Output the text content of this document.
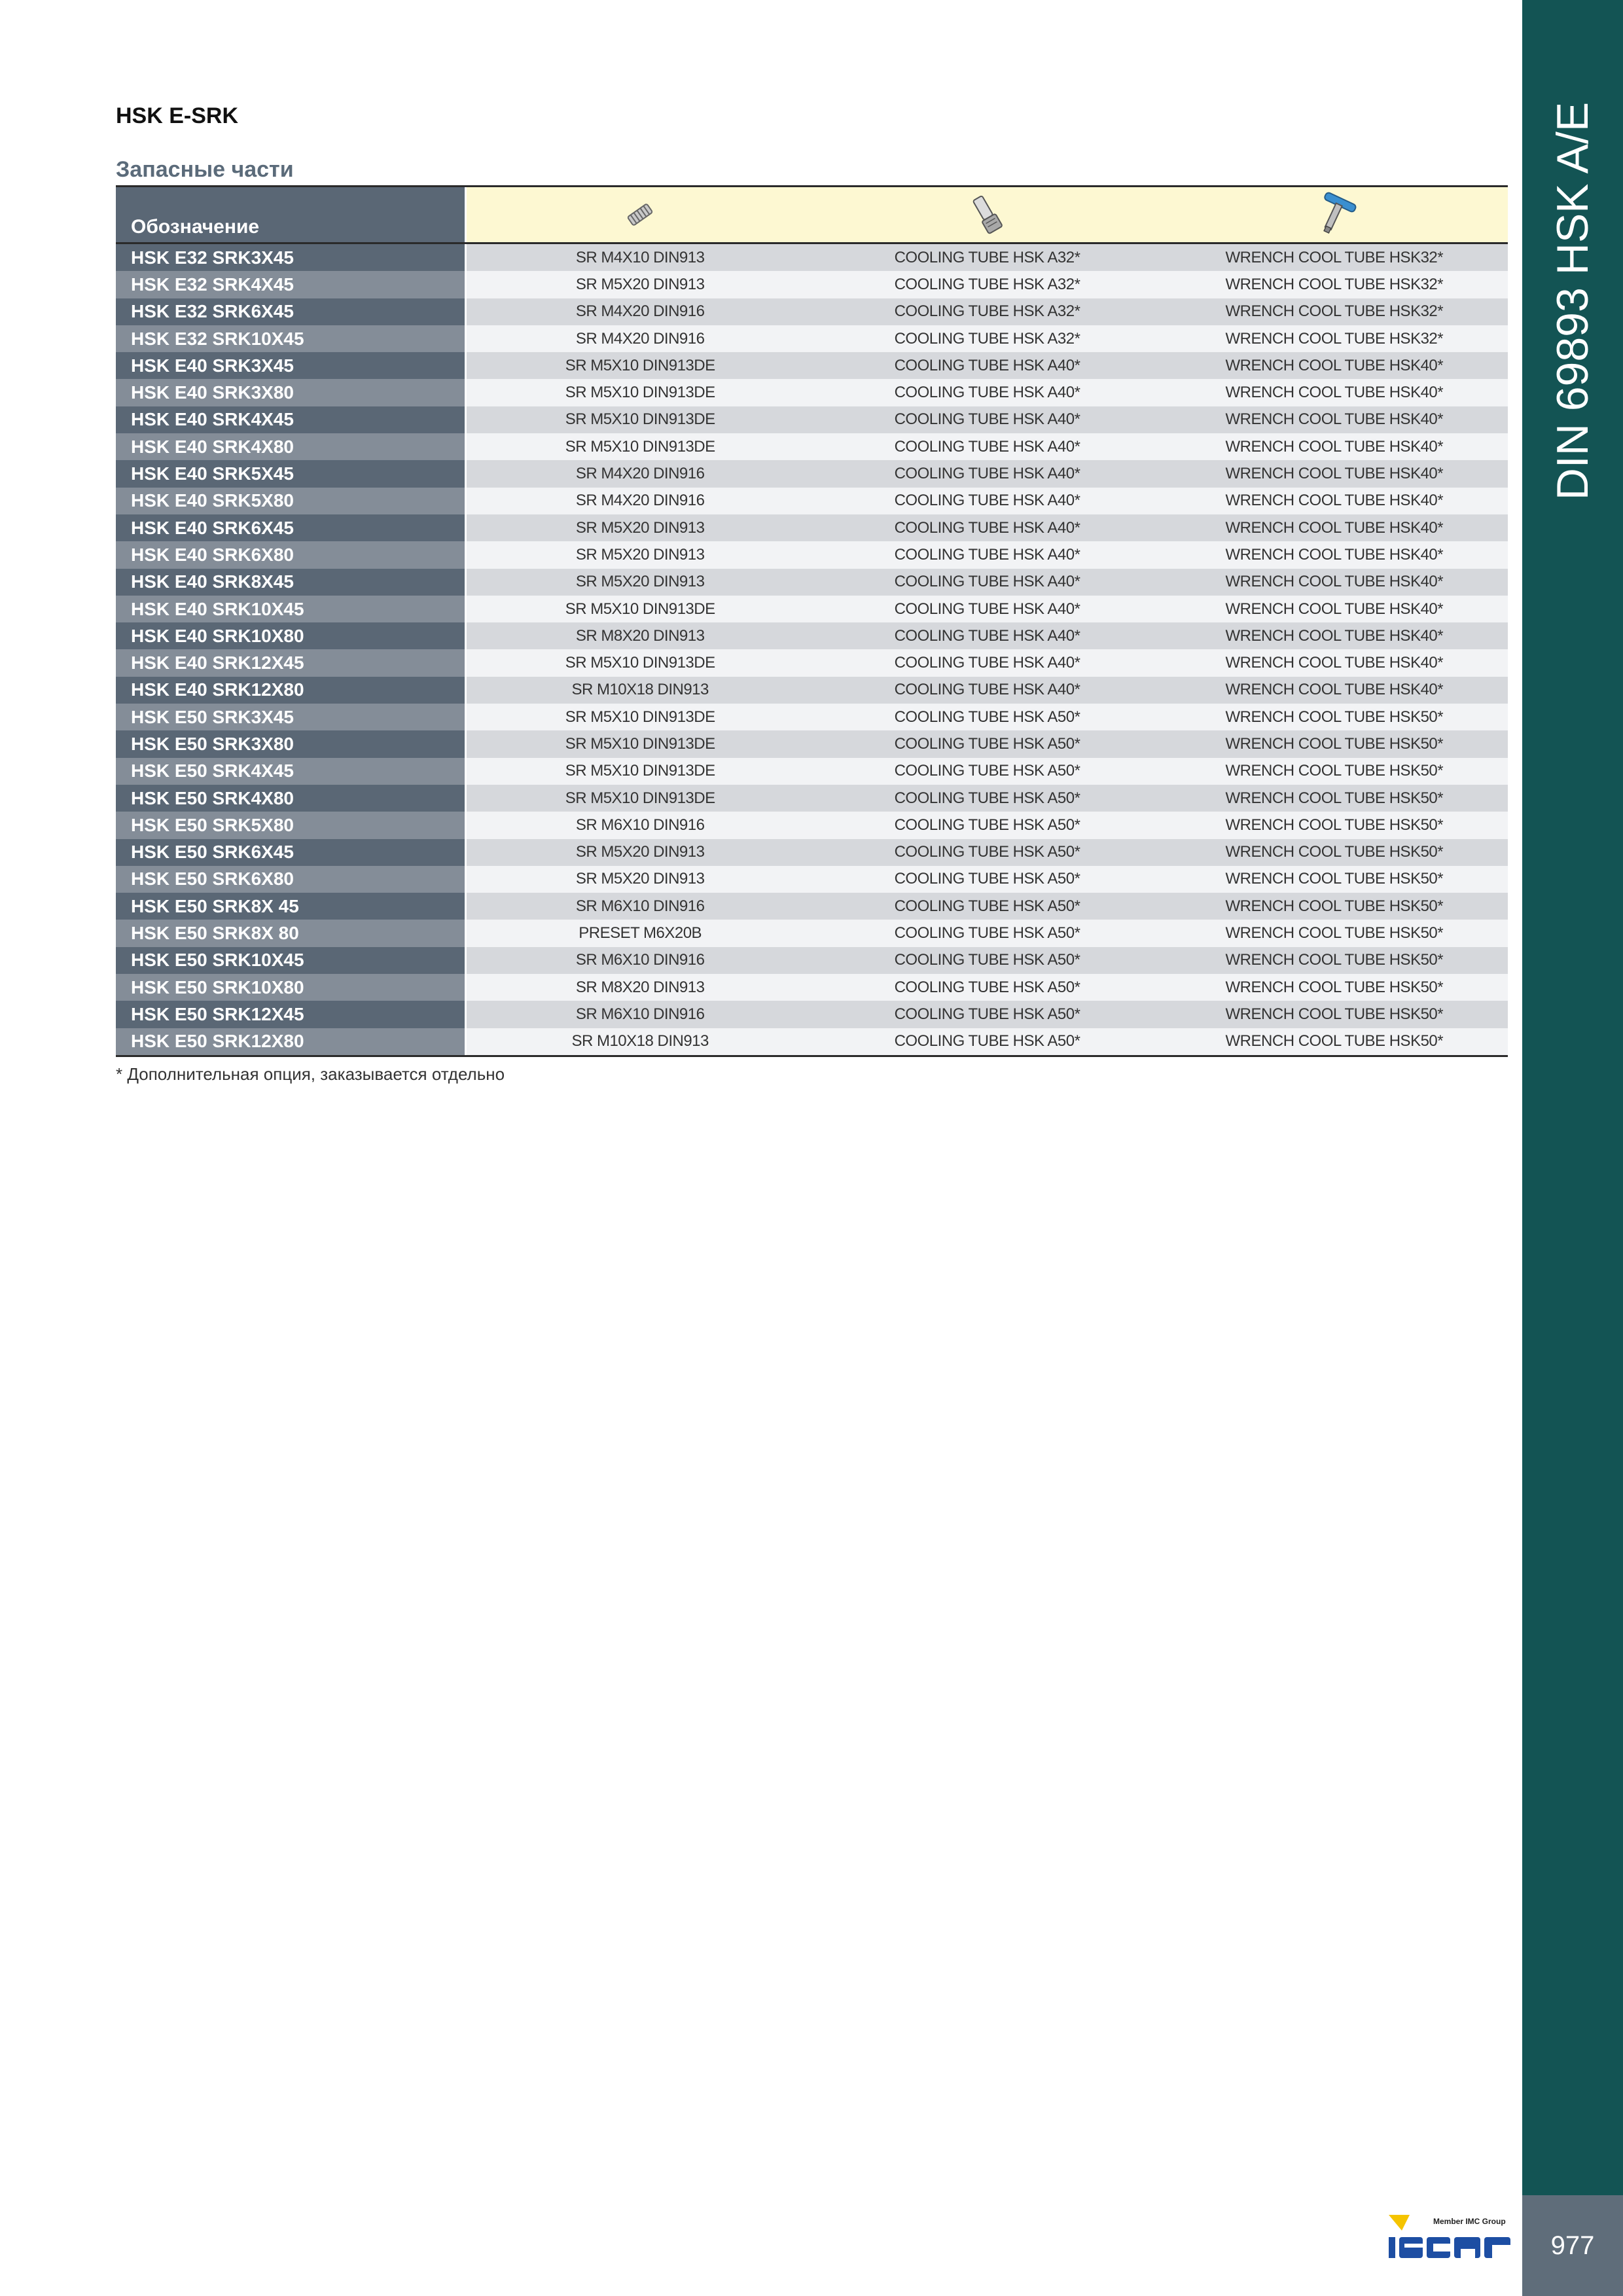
HSK E-SRK
Запасные части
Обозначение
HSK E32 SRK3X45	SR M4X10 DIN913	COOLING TUBE HSK A32*	WRENCH COOL TUBE HSK32*
HSK E32 SRK4X45	SR M5X20 DIN913	COOLING TUBE HSK A32*	WRENCH COOL TUBE HSK32*
HSK E32 SRK6X45	SR M4X20 DIN916	COOLING TUBE HSK A32*	WRENCH COOL TUBE HSK32*
HSK E32 SRK10X45	SR M4X20 DIN916	COOLING TUBE HSK A32*	WRENCH COOL TUBE HSK32*
HSK E40 SRK3X45	SR M5X10 DIN913DE	COOLING TUBE HSK A40*	WRENCH COOL TUBE HSK40*
HSK E40 SRK3X80	SR M5X10 DIN913DE	COOLING TUBE HSK A40*	WRENCH COOL TUBE HSK40*
HSK E40 SRK4X45	SR M5X10 DIN913DE	COOLING TUBE HSK A40*	WRENCH COOL TUBE HSK40*
HSK E40 SRK4X80	SR M5X10 DIN913DE	COOLING TUBE HSK A40*	WRENCH COOL TUBE HSK40*
HSK E40 SRK5X45	SR M4X20 DIN916	COOLING TUBE HSK A40*	WRENCH COOL TUBE HSK40*
HSK E40 SRK5X80	SR M4X20 DIN916	COOLING TUBE HSK A40*	WRENCH COOL TUBE HSK40*
HSK E40 SRK6X45	SR M5X20 DIN913	COOLING TUBE HSK A40*	WRENCH COOL TUBE HSK40*
HSK E40 SRK6X80	SR M5X20 DIN913	COOLING TUBE HSK A40*	WRENCH COOL TUBE HSK40*
HSK E40 SRK8X45	SR M5X20 DIN913	COOLING TUBE HSK A40*	WRENCH COOL TUBE HSK40*
HSK E40 SRK10X45	SR M5X10 DIN913DE	COOLING TUBE HSK A40*	WRENCH COOL TUBE HSK40*
HSK E40 SRK10X80	SR M8X20 DIN913	COOLING TUBE HSK A40*	WRENCH COOL TUBE HSK40*
HSK E40 SRK12X45	SR M5X10 DIN913DE	COOLING TUBE HSK A40*	WRENCH COOL TUBE HSK40*
HSK E40 SRK12X80	SR M10X18 DIN913	COOLING TUBE HSK A40*	WRENCH COOL TUBE HSK40*
HSK E50 SRK3X45	SR M5X10 DIN913DE	COOLING TUBE HSK A50*	WRENCH COOL TUBE HSK50*
HSK E50 SRK3X80	SR M5X10 DIN913DE	COOLING TUBE HSK A50*	WRENCH COOL TUBE HSK50*
HSK E50 SRK4X45	SR M5X10 DIN913DE	COOLING TUBE HSK A50*	WRENCH COOL TUBE HSK50*
HSK E50 SRK4X80	SR M5X10 DIN913DE	COOLING TUBE HSK A50*	WRENCH COOL TUBE HSK50*
HSK E50 SRK5X80	SR M6X10 DIN916	COOLING TUBE HSK A50*	WRENCH COOL TUBE HSK50*
HSK E50 SRK6X45	SR M5X20 DIN913	COOLING TUBE HSK A50*	WRENCH COOL TUBE HSK50*
HSK E50 SRK6X80	SR M5X20 DIN913	COOLING TUBE HSK A50*	WRENCH COOL TUBE HSK50*
HSK E50 SRK8X 45	SR M6X10 DIN916	COOLING TUBE HSK A50*	WRENCH COOL TUBE HSK50*
HSK E50 SRK8X 80	PRESET M6X20B	COOLING TUBE HSK A50*	WRENCH COOL TUBE HSK50*
HSK E50 SRK10X45	SR M6X10 DIN916	COOLING TUBE HSK A50*	WRENCH COOL TUBE HSK50*
HSK E50 SRK10X80	SR M8X20 DIN913	COOLING TUBE HSK A50*	WRENCH COOL TUBE HSK50*
HSK E50 SRK12X45	SR M6X10 DIN916	COOLING TUBE HSK A50*	WRENCH COOL TUBE HSK50*
HSK E50 SRK12X80	SR M10X18 DIN913	COOLING TUBE HSK A50*	WRENCH COOL TUBE HSK50*
* Дополнительная опция, заказывается отдельно
DIN 69893 HSK A/E
Member IMC Group
977
